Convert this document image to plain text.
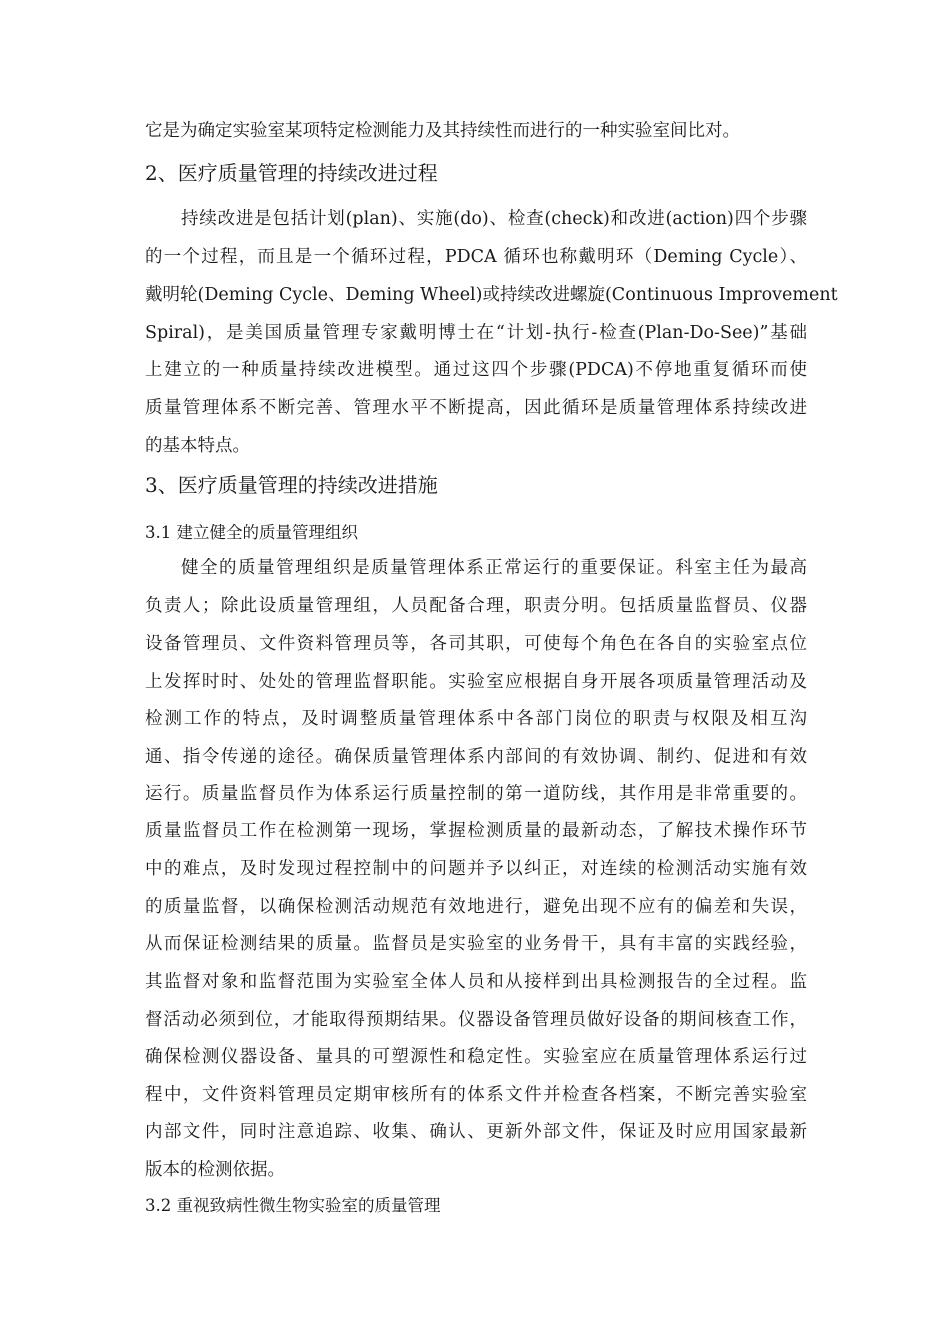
它是为确定实验室某项特定检测能力及其持续性而进行的一种实验室间比对。
2、医疗质量管理的持续改进过程
持续改进是包括计划(plan)、实施(do)、检查(check)和改进(action)四个步骤
的一个过程，而且是一个循环过程，PDCA 循环也称戴明环（Deming Cycle）、
戴明轮(Deming Cycle、Deming Wheel)或持续改进螺旋(Continuous Improvement
Spiral)，是美国质量管理专家戴明博士在“计划-执行-检查(Plan-Do-See)”基础
上建立的一种质量持续改进模型。通过这四个步骤(PDCA)不停地重复循环而使
质量管理体系不断完善、管理水平不断提高，因此循环是质量管理体系持续改进
的基本特点。
3、医疗质量管理的持续改进措施
3.1 建立健全的质量管理组织
健全的质量管理组织是质量管理体系正常运行的重要保证。科室主任为最高
负责人；除此设质量管理组，人员配备合理，职责分明。包括质量监督员、仪器
设备管理员、文件资料管理员等，各司其职，可使每个角色在各自的实验室点位
上发挥时时、处处的管理监督职能。实验室应根据自身开展各项质量管理活动及
检测工作的特点，及时调整质量管理体系中各部门岗位的职责与权限及相互沟
通、指令传递的途径。确保质量管理体系内部间的有效协调、制约、促进和有效
运行。质量监督员作为体系运行质量控制的第一道防线，其作用是非常重要的。
质量监督员工作在检测第一现场，掌握检测质量的最新动态，了解技术操作环节
中的难点，及时发现过程控制中的问题并予以纠正，对连续的检测活动实施有效
的质量监督，以确保检测活动规范有效地进行，避免出现不应有的偏差和失误，
从而保证检测结果的质量。监督员是实验室的业务骨干，具有丰富的实践经验，
其监督对象和监督范围为实验室全体人员和从接样到出具检测报告的全过程。监
督活动必须到位，才能取得预期结果。仪器设备管理员做好设备的期间核查工作，
确保检测仪器设备、量具的可塑源性和稳定性。实验室应在质量管理体系运行过
程中，文件资料管理员定期审核所有的体系文件并检查各档案，不断完善实验室
内部文件，同时注意追踪、收集、确认、更新外部文件，保证及时应用国家最新
版本的检测依据。
3.2 重视致病性微生物实验室的质量管理
